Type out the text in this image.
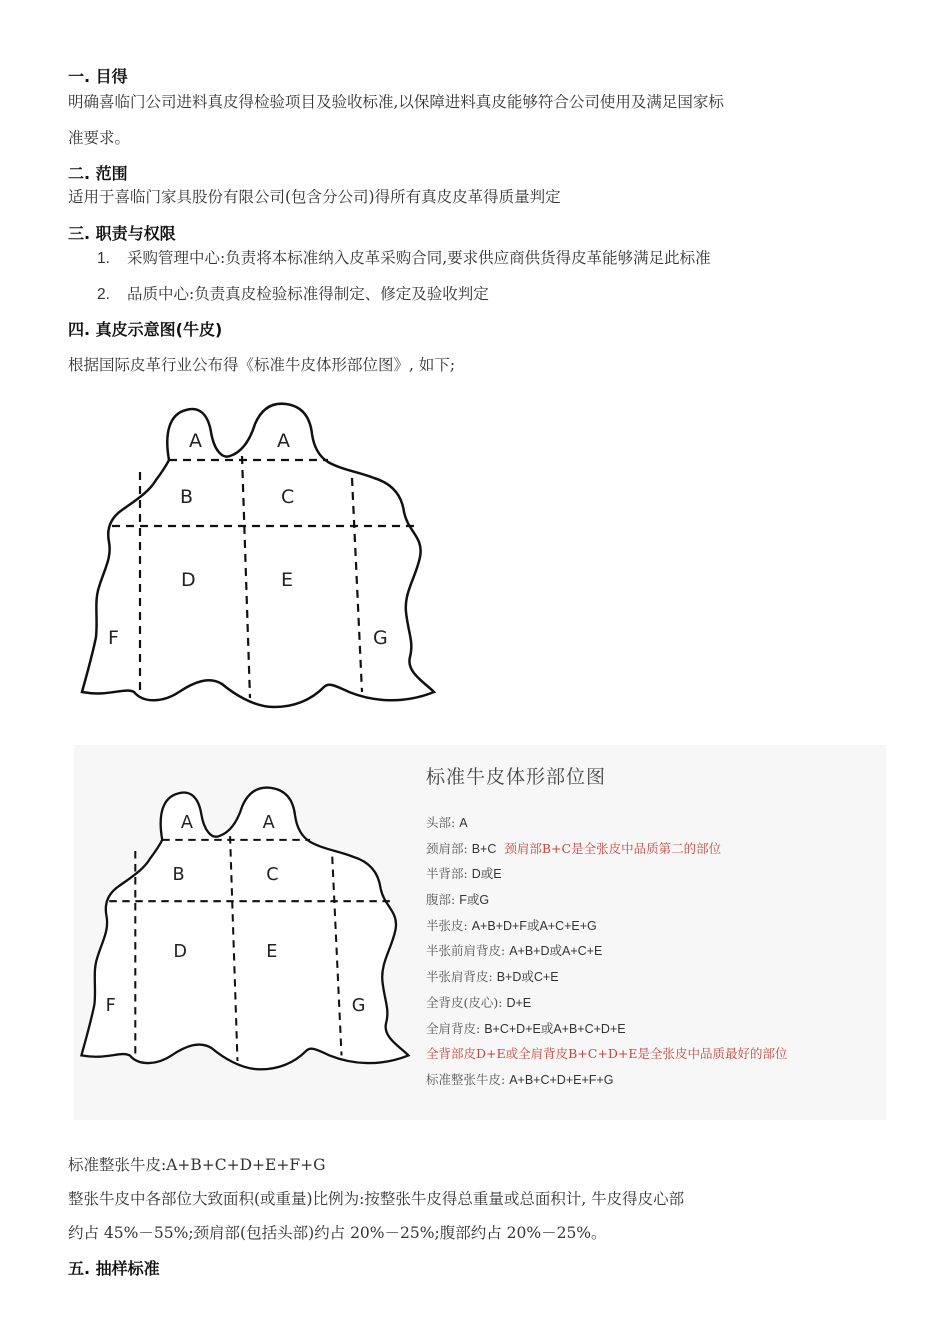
一. 目得
明确喜临门公司进料真皮得检验项目及验收标准,以保障进料真皮能够符合公司使用及满足国家标
准要求。
二. 范围
适用于喜临门家具股份有限公司(包含分公司)得所有真皮皮革得质量判定
三. 职责与权限
1. 采购管理中心:负责将本标准纳入皮革采购合同,要求供应商供货得皮革能够满足此标准
2. 品质中心:负责真皮检验标准得制定、修定及验收判定
四. 真皮示意图(牛皮)
根据国际皮革行业公布得《标准牛皮体形部位图》, 如下;
A	A
B	C
D	E
F	G
A	A
B	C
D	E
F	G
标准牛皮体形部位图
头部: A
颈肩部: B+C 颈肩部B+C是全张皮中品质第二的部位
半背部: D或E
腹部: F或G
半张皮: A+B+D+F或A+C+E+G
半张前肩背皮: A+B+D或A+C+E
半张肩背皮: B+D或C+E
全背皮(皮心): D+E
全肩背皮: B+C+D+E或A+B+C+D+E
全背部皮D+E或全肩背皮B+C+D+E是全张皮中品质最好的部位
标准整张牛皮: A+B+C+D+E+F+G
标准整张牛皮:A+B+C+D+E+F+G
整张牛皮中各部位大致面积(或重量)比例为:按整张牛皮得总重量或总面积计, 牛皮得皮心部
约占 45%－55%;颈肩部(包括头部)约占 20%－25%;腹部约占 20%－25%。
五. 抽样标准
